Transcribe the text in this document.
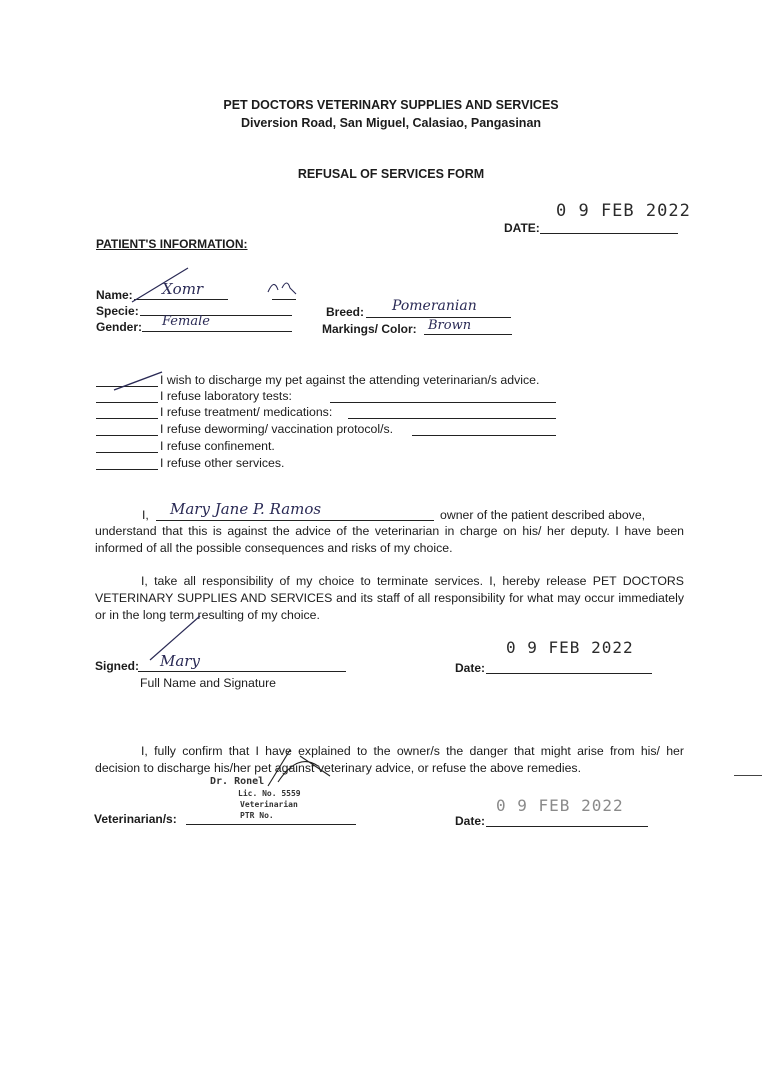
PET DOCTORS VETERINARY SUPPLIES AND SERVICES
Diversion Road, San Miguel, Calasiao, Pangasinan
REFUSAL OF SERVICES FORM
0 9 FEB 2022
DATE:
PATIENT'S INFORMATION:
Name: Xomr
Specie:
Gender: Female
Breed: Pomeranian
Markings/ Color: Brown
I wish to discharge my pet against the attending veterinarian/s advice.
I refuse laboratory tests:
I refuse treatment/ medications:
I refuse deworming/ vaccination protocol/s.
I refuse confinement.
I refuse other services.
I, Mary Jane P. Ramos	owner of the patient described above,
understand that this is against the advice of the veterinarian in charge on his/ her deputy. I have been informed of all the possible consequences and risks of my choice.
I, take all responsibility of my choice to terminate services. I, hereby release PET DOCTORS VETERINARY SUPPLIES AND SERVICES and its staff of all responsibility for what may occur immediately or in the long term resulting of my choice.
Signed: Mary
Full Name and Signature
Date:
0 9 FEB 2022
I, fully confirm that I have explained to the owner/s the danger that might arise from his/ her decision to discharge his/her pet against veterinary advice, or refuse the above remedies.
Dr. Ronel
Lic. No. 5559
Veterinarian
PTR No.
Veterinarian/s:	Date:
0 9 FEB 2022
